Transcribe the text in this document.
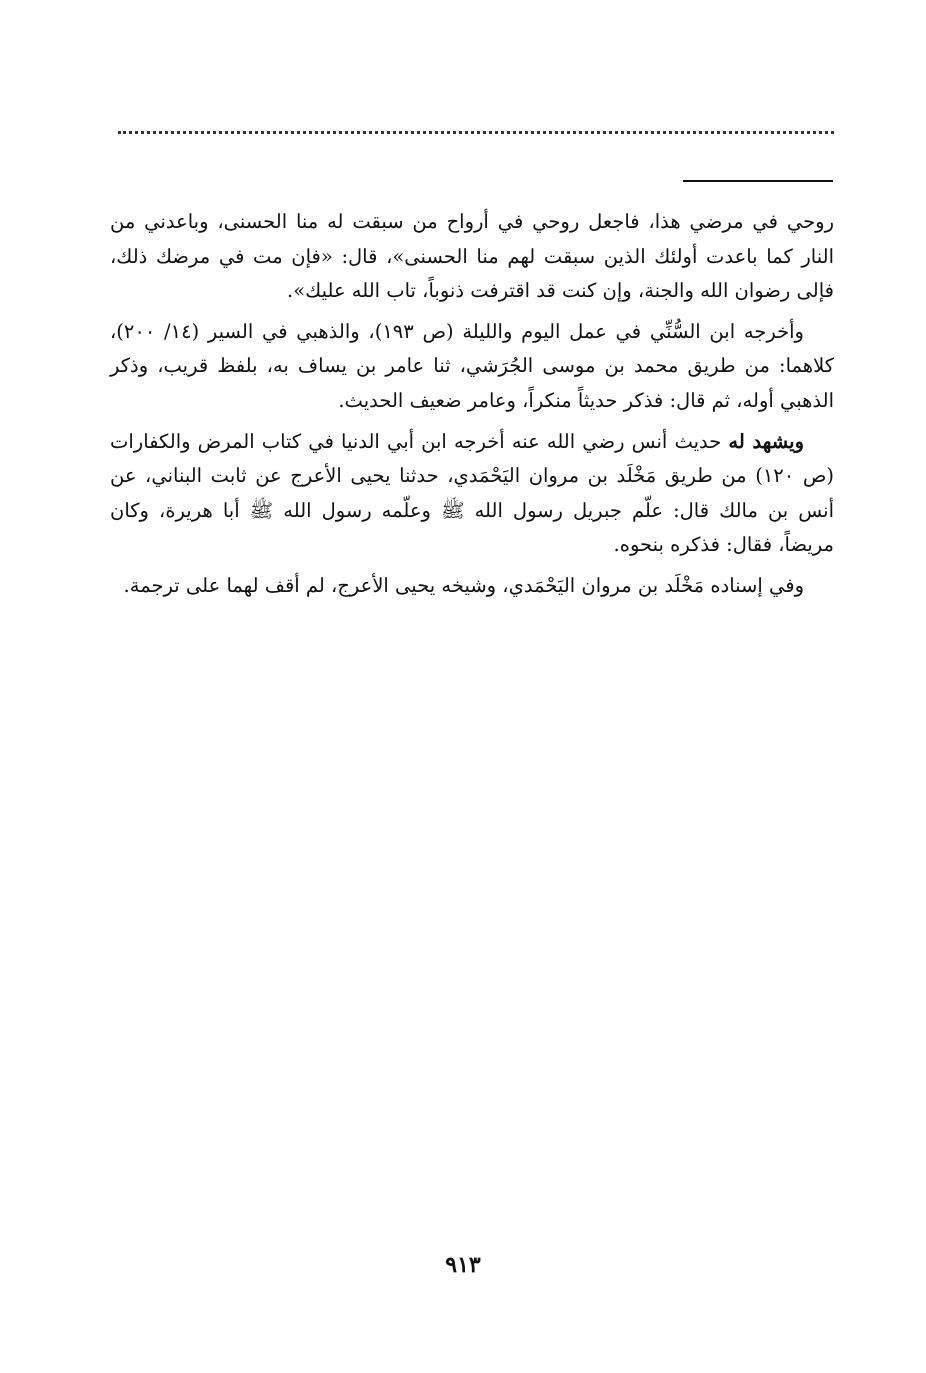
روحي في مرضي هذا، فاجعل روحي في أرواح من سبقت له منا الحسنى، وباعدني من النار كما باعدت أولئك الذين سبقت لهم منا الحسنى»، قال: «فإن مت في مرضك ذلك، فإلى رضوان الله والجنة، وإن كنت قد اقترفت ذنوباً، تاب الله عليك».

وأخرجه ابن السُّنِّي في عمل اليوم والليلة (ص ١٩٣)، والذهبي في السير (١٤/ ٢٠٠)، كلاهما: من طريق محمد بن موسى الجُرَشي، ثنا عامر بن يساف به، بلفظ قريب، وذكر الذهبي أوله، ثم قال: فذكر حديثاً منكراً، وعامر ضعيف الحديث.

ويشهد له حديث أنس رضي الله عنه أخرجه ابن أبي الدنيا في كتاب المرض والكفارات (ص ١٢٠) من طريق مَخْلَد بن مروان اليَحْمَدي، حدثنا يحيى الأعرج عن ثابت البناني، عن أنس بن مالك قال: علّم جبريل رسول الله ﷺ وعلّمه رسول الله ﷺ أبا هريرة، وكان مريضاً، فقال: فذكره بنحوه.

وفي إسناده مَخْلَد بن مروان اليَحْمَدي، وشيخه يحيى الأعرج، لم أقف لهما على ترجمة.

٩١٣
